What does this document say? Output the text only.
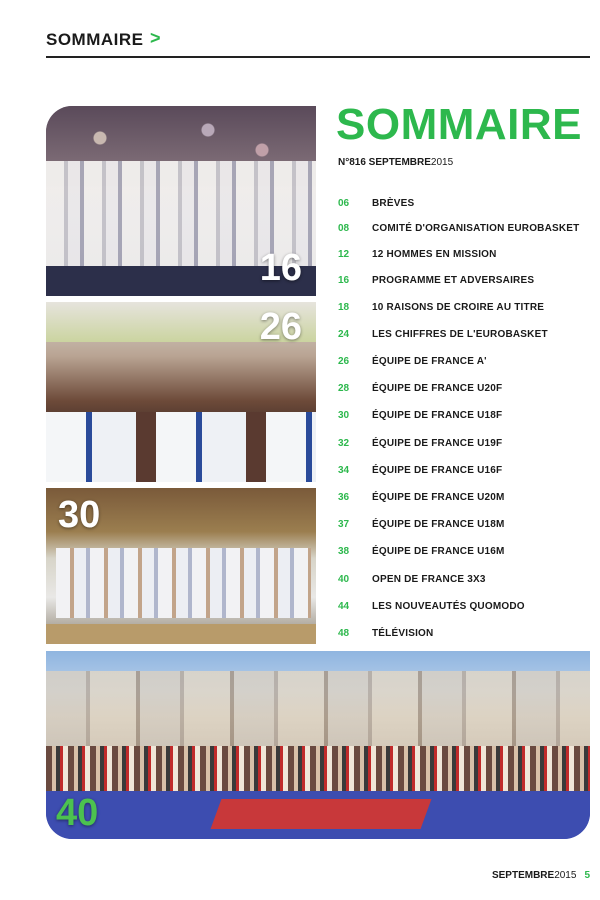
SOMMAIRE >
16
26
30
40
SOMMAIRE
N°816 SEPTEMBRE2015
06	BRÈVES
08	COMITÉ D'ORGANISATION EUROBASKET
12	12 HOMMES EN MISSION
16	PROGRAMME ET ADVERSAIRES
18	10 RAISONS DE CROIRE AU TITRE
24	LES CHIFFRES DE L'EUROBASKET
26	ÉQUIPE DE FRANCE A'
28	ÉQUIPE DE FRANCE U20F
30	ÉQUIPE DE FRANCE U18F
32	ÉQUIPE DE FRANCE U19F
34	ÉQUIPE DE FRANCE U16F
36	ÉQUIPE DE FRANCE U20M
37	ÉQUIPE DE FRANCE U18M
38	ÉQUIPE DE FRANCE U16M
40	OPEN DE FRANCE 3X3
44	LES NOUVEAUTÉS QUOMODO
48	TÉLÉVISION
SEPTEMBRE2015 5
